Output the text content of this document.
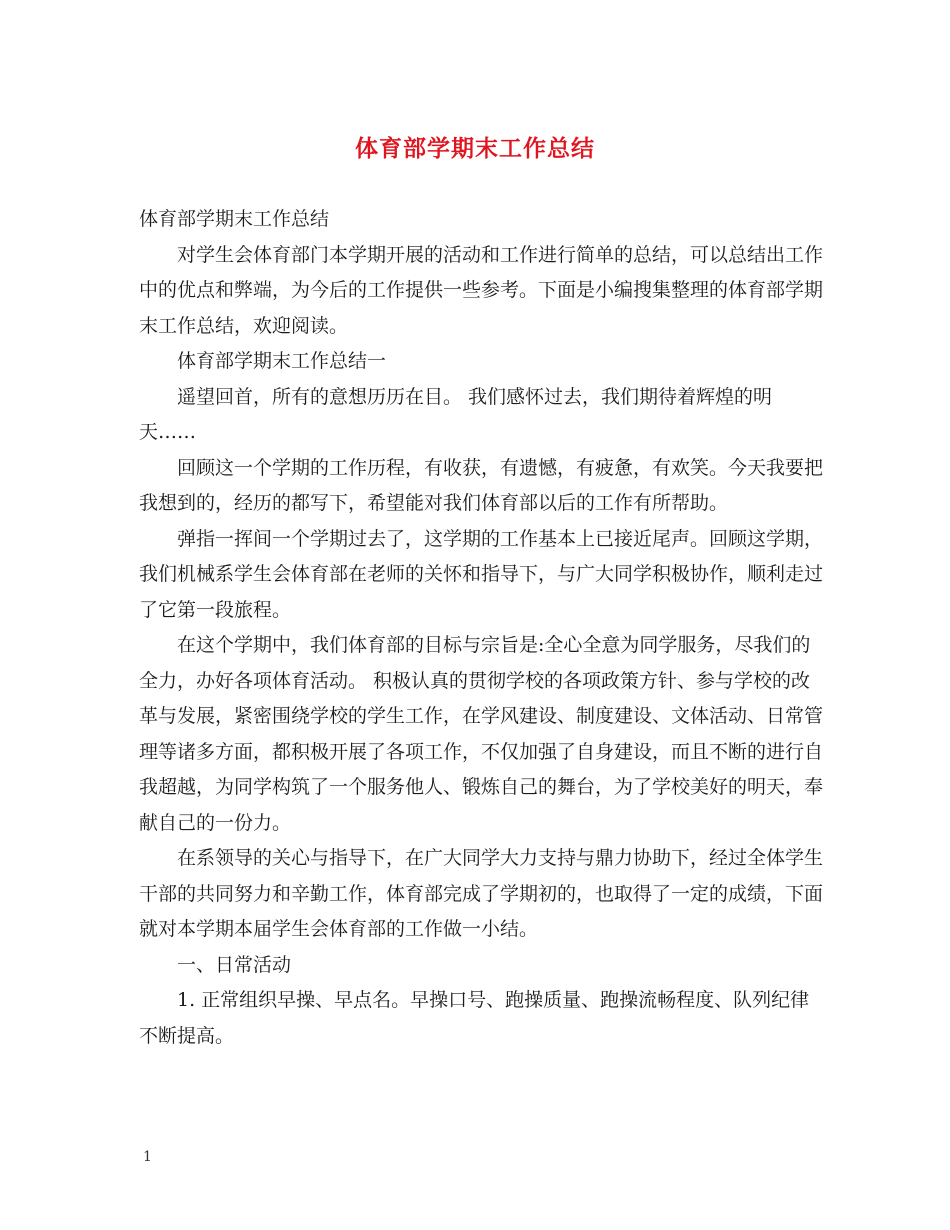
体育部学期末工作总结

体育部学期末工作总结

对学生会体育部门本学期开展的活动和工作进行简单的总结，可以总结出工作中的优点和弊端，为今后的工作提供一些参考。下面是小编搜集整理的体育部学期末工作总结，欢迎阅读。

体育部学期末工作总结一

遥望回首，所有的意想历历在目。 我们感怀过去，我们期待着辉煌的明天……

回顾这一个学期的工作历程，有收获，有遗憾，有疲惫，有欢笑。今天我要把我想到的，经历的都写下，希望能对我们体育部以后的工作有所帮助。

弹指一挥间一个学期过去了，这学期的工作基本上已接近尾声。回顾这学期，我们机械系学生会体育部在老师的关怀和指导下，与广大同学积极协作，顺利走过了它第一段旅程。

在这个学期中，我们体育部的目标与宗旨是:全心全意为同学服务，尽我们的全力，办好各项体育活动。 积极认真的贯彻学校的各项政策方针、参与学校的改革与发展，紧密围绕学校的学生工作，在学风建设、制度建设、文体活动、日常管理等诸多方面，都积极开展了各项工作，不仅加强了自身建设，而且不断的进行自我超越，为同学构筑了一个服务他人、锻炼自己的舞台，为了学校美好的明天，奉献自己的一份力。

在系领导的关心与指导下，在广大同学大力支持与鼎力协助下，经过全体学生干部的共同努力和辛勤工作，体育部完成了学期初的，也取得了一定的成绩，下面就对本学期本届学生会体育部的工作做一小结。

一、日常活动

1. 正常组织早操、早点名。早操口号、跑操质量、跑操流畅程度、队列纪律不断提高。

1
